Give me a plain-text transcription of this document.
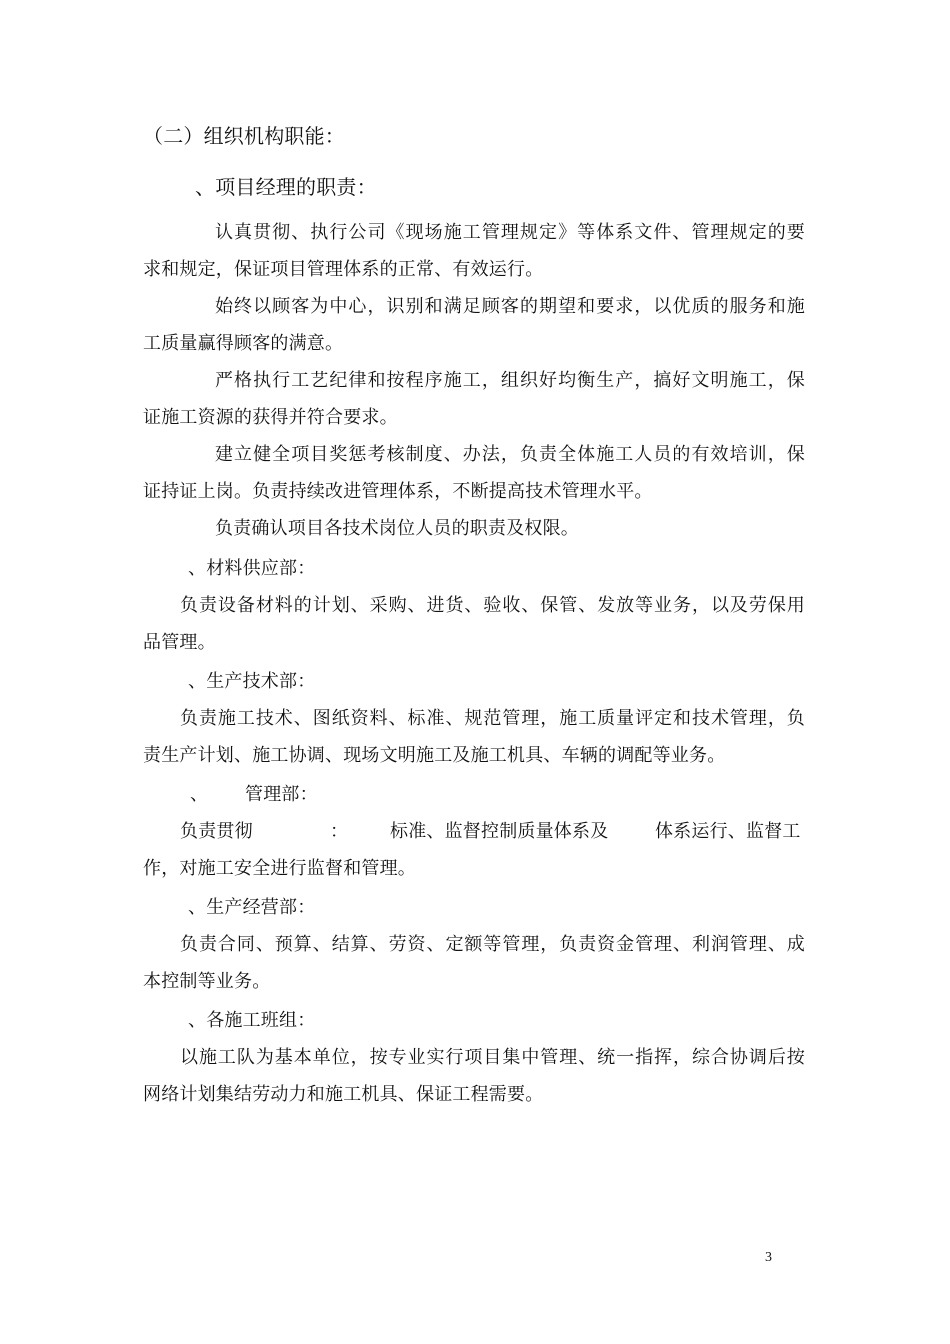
（二）组织机构职能：
、项目经理的职责：
认真贯彻、执行公司《现场施工管理规定》等体系文件、管理规定的要
求和规定，保证项目管理体系的正常、有效运行。
始终以顾客为中心，识别和满足顾客的期望和要求，以优质的服务和施
工质量赢得顾客的满意。
严格执行工艺纪律和按程序施工，组织好均衡生产，搞好文明施工，保
证施工资源的获得并符合要求。
建立健全项目奖惩考核制度、办法，负责全体施工人员的有效培训，保
证持证上岗。负责持续改进管理体系，不断提高技术管理水平。
负责确认项目各技术岗位人员的职责及权限。
、材料供应部：
负责设备材料的计划、采购、进货、验收、保管、发放等业务，以及劳保用
品管理。
、生产技术部：
负责施工技术、图纸资料、标准、规范管理，施工质量评定和技术管理，负
责生产计划、施工协调、现场文明施工及施工机具、车辆的调配等业务。
、 管理部：
负责贯彻	： 标准、监督控制质量体系及	体系运行、监督工
作，对施工安全进行监督和管理。
、生产经营部：
负责合同、预算、结算、劳资、定额等管理，负责资金管理、利润管理、成
本控制等业务。
、各施工班组：
以施工队为基本单位，按专业实行项目集中管理、统一指挥，综合协调后按
网络计划集结劳动力和施工机具、保证工程需要。
3
